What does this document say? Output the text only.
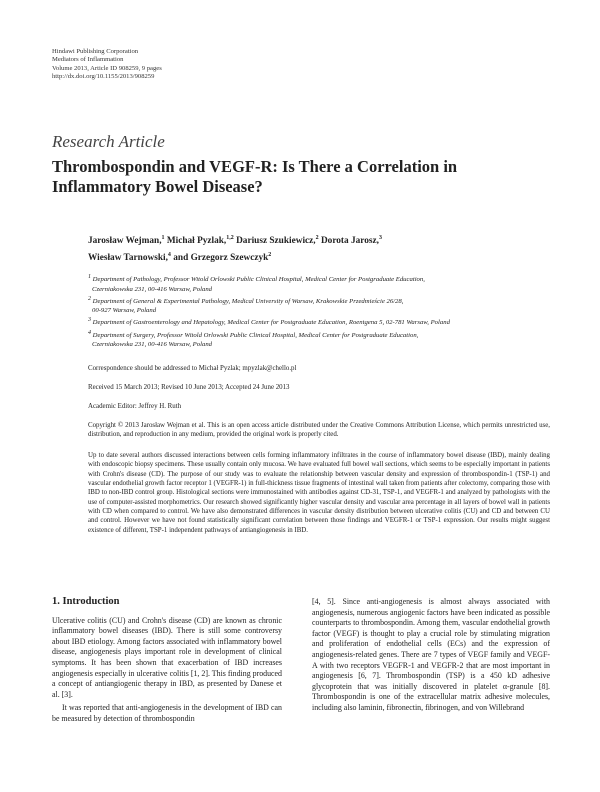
Hindawi Publishing Corporation
Mediators of Inflammation
Volume 2013, Article ID 908259, 9 pages
http://dx.doi.org/10.1155/2013/908259
Research Article
Thrombospondin and VEGF-R: Is There a Correlation in Inflammatory Bowel Disease?

Jarosław Wejman,$^1$ Michał Pyzlak,$^{1,2}$ Dariusz Szukiewicz,$^2$ Dorota Jarosz,$^3$
Wiesław Tarnowski,$^4$ and Grzegorz Szewczyk$^2$

$^1$ Department of Pathology, Professor Witold Orlowski Public Clinical Hospital, Medical Center for Postgraduate Education,
Czerniakowska 231, 00-416 Warsaw, Poland
$^2$ Department of General & Experimental Pathology, Medical University of Warsaw, Krakowskie Przedmieście 26/28,
00-927 Warsaw, Poland
$^3$ Department of Gastroenterology and Hepatology, Medical Center for Postgraduate Education, Roentgena 5, 02-781 Warsaw, Poland
$^4$ Department of Surgery, Professor Witold Orlowski Public Clinical Hospital, Medical Center for Postgraduate Education,
Czerniakowska 231, 00-416 Warsaw, Poland

Correspondence should be addressed to Michał Pyzlak; mpyzlak@chello.pl

Received 15 March 2013; Revised 10 June 2013; Accepted 24 June 2013

Academic Editor: Jeffrey H. Ruth

Copyright © 2013 Jarosław Wejman et al. This is an open access article distributed under the Creative Commons Attribution License, which permits unrestricted use, distribution, and reproduction in any medium, provided the original work is properly cited.

Up to date several authors discussed interactions between cells forming inflammatory infiltrates in the course of inflammatory bowel disease (IBD), mainly dealing with endoscopic biopsy specimens. These usually contain only mucosa. We have evaluated full bowel wall sections, which seems to be especially important in patients with Crohn's disease (CD). The purpose of our study was to evaluate the relationship between vascular density and expression of thrombospondin-1 (TSP-1) and vascular endothelial growth factor receptor 1 (VEGFR-1) in full-thickness tissue fragments of intestinal wall taken from patients after colectomy, comparing those with IBD to non-IBD control group. Histological sections were immunostained with antibodies against CD-31, TSP-1, and VEGFR-1 and analyzed by pathologists with the use of computer-assisted morphometrics. Our research showed significantly higher vascular density and vascular area percentage in all layers of bowel wall in patients with CD when compared to control. We have also demonstrated differences in vascular density distribution between ulcerative colitis (CU) and CD and between CU and control. However we have not found statistically significant correlation between those findings and VEGFR-1 or TSP-1 expression. Our results might suggest existence of different, TSP-1 independent pathways of antiangiogenesis in IBD.

1. Introduction

Ulcerative colitis (CU) and Crohn's disease (CD) are known as chronic inflammatory bowel diseases (IBD). There is still some controversy about IBD etiology. Among factors associated with inflammatory bowel disease, angiogenesis plays important role in development of clinical symptoms. It has been shown that exacerbation of IBD increases angiogenesis especially in ulcerative colitis [1, 2]. This finding produced a concept of antiangiogenic therapy in IBD, as presented by Danese et al. [3].

It was reported that anti-angiogenesis in the development of IBD can be measured by detection of thrombospondin

[4, 5]. Since anti-angiogenesis is almost always associated with angiogenesis, numerous angiogenic factors have been indicated as possible counterparts to thrombospondin. Among them, vascular endothelial growth factor (VEGF) is thought to play a crucial role by stimulating migration and proliferation of endothelial cells (ECs) and the expression of angiogenesis-related genes. There are 7 types of VEGF family and VEGF-A with two receptors VEGFR-1 and VEGFR-2 that are most important in angiogenesis [6, 7]. Thrombospondin (TSP) is a 450 kD adhesive glycoprotein that was initially discovered in platelet α-granule [8]. Thrombospondin is one of the extracellular matrix adhesive molecules, including also laminin, fibronectin, fibrinogen, and von Willebrand
